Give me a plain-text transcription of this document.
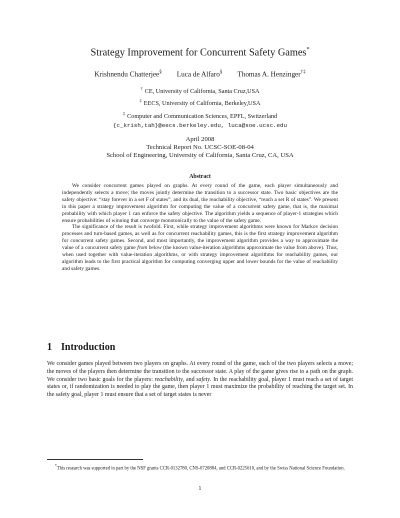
Strategy Improvement for Concurrent Safety Games*
Krishnendu Chatterjee§ Luca de Alfaro§ Thomas A. Henzinger†‡
† CE, University of California, Santa Cruz,USA
‡ EECS, University of California, Berkeley,USA
‡ Computer and Communication Sciences, EPFL, Switzerland
{c_krish,tah}@eecs.berkeley.edu, luca@soe.ucsc.edu
April 2008
Technical Report No. UCSC-SOE-08-04
School of Engineering, University of California, Santa Cruz, CA, USA
Abstract

We consider concurrent games played on graphs. At every round of the game, each player simultaneously and independently selects a move; the moves jointly determine the transition to a successor state. Two basic objectives are the safety objective: “stay forever in a set F of states”, and its dual, the reachability objective, “reach a set R of states”. We present in this paper a strategy improvement algorithm for computing the value of a concurrent safety game, that is, the maximal probability with which player 1 can enforce the safety objective. The algorithm yields a sequence of player-1 strategies which ensure probabilities of winning that converge monotonically to the value of the safety game.

The significance of the result is twofold. First, while strategy improvement algorithms were known for Markov decision processes and turn-based games, as well as for concurrent reachability games, this is the first strategy improvement algorithm for concurrent safety games. Second, and most importantly, the improvement algorithm provides a way to approximate the value of a concurrent safety game from below (the known value-iteration algorithms approximate the value from above). Thus, when used together with value-iteration algorithms, or with strategy improvement algorithms for reachability games, our algorithm leads to the first practical algorithm for computing converging upper and lower bounds for the value of reachability and safety games.

1 Introduction

We consider games played between two players on graphs. At every round of the game, each of the two players selects a move; the moves of the players then determine the transition to the successor state. A play of the game gives rise to a path on the graph. We consider two basic goals for the players: reachability, and safety. In the reachability goal, player 1 must reach a set of target states or, if randomization is needed to play the game, then player 1 must maximize the probability of reaching the target set. In the safety goal, player 1 must ensure that a set of target states is never

*This research was supported in part by the NSF grants CCR-0132780, CNS-0720884, and CCR-0225610, and by the Swiss National Science Foundation.

1
